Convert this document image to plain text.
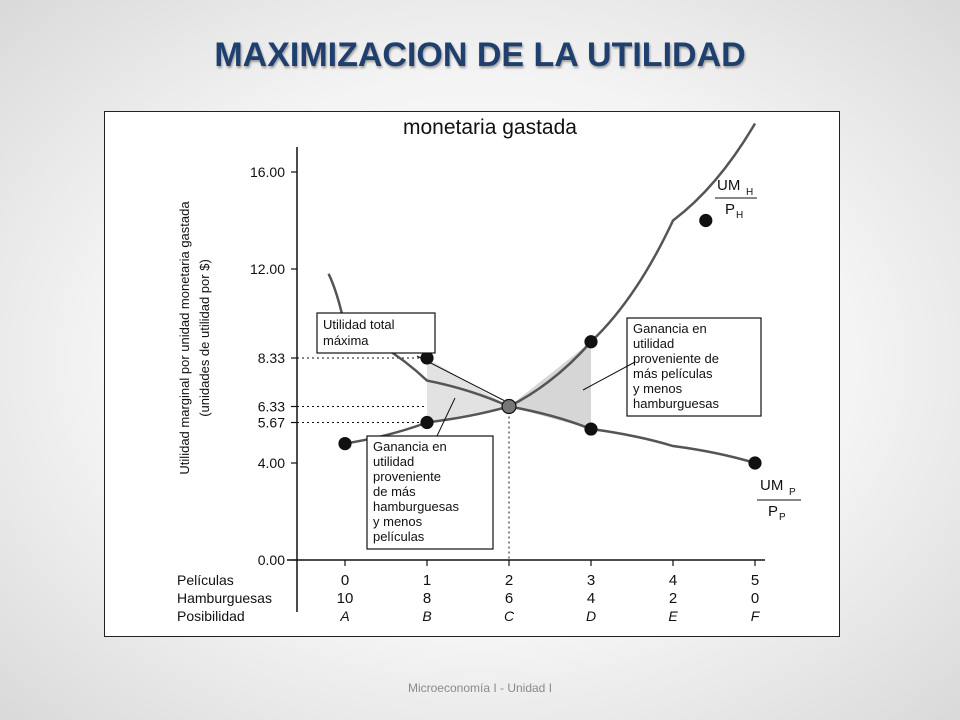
MAXIMIZACION DE LA UTILIDAD
monetaria gastada
Utilidad marginal por unidad monetaria gastada (unidades de utilidad por $)
16.00
12.00
8.33
6.33
5.67
4.00
0.00
UM H
P H
UM P
P P
Utilidad total
máxima
Ganancia en
utilidad
proveniente de
más películas
y menos
hamburguesas
Ganancia en
utilidad
proveniente
de más
hamburguesas
y menos
películas
Películas	0	1	2	3	4	5
Hamburguesas	10	8	6	4	2	0
Posibilidad	A	B	C	D	E	F
Microeconomía I - Unidad I
